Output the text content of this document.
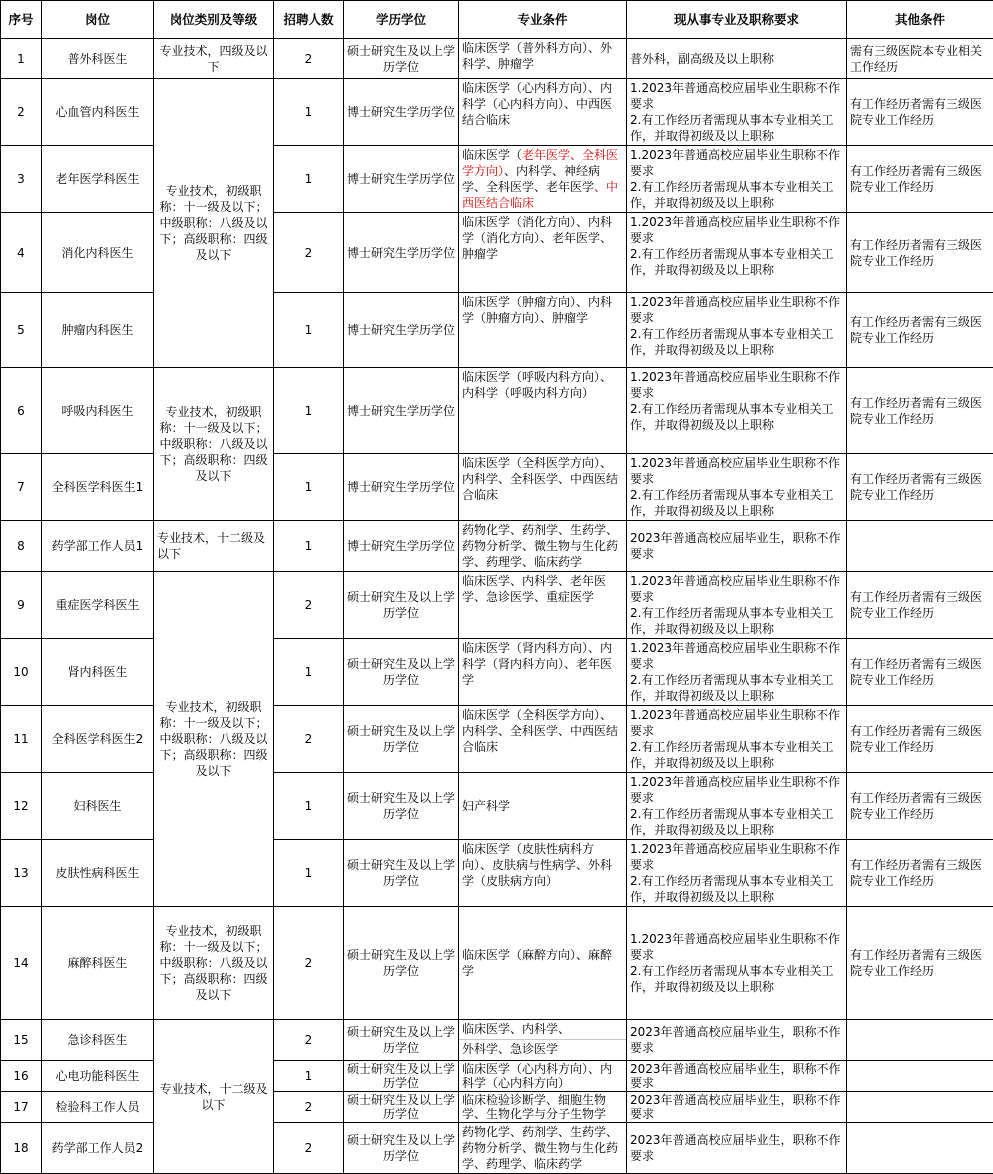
序号	岗位	岗位类别及等级	招聘人数	学历学位	专业条件	现从事专业及职称要求	其他条件
1	普外科医生	专业技术，四级及以下	2	硕士研究生及以上学历学位	临床医学（普外科方向）、外科学、肿瘤学	普外科，副高级及以上职称	需有三级医院本专业相关工作经历
2	心血管内科医生	专业技术，初级职称：十一级及以下；中级职称：八级及以下；高级职称：四级及以下	1	博士研究生学历学位	临床医学（心内科方向）、内科学（心内科方向）、中西医结合临床	1.2023年普通高校应届毕业生职称不作要求
2.有工作经历者需现从事本专业相关工作，并取得初级及以上职称	有工作经历者需有三级医院专业工作经历
3	老年医学科医生		1	博士研究生学历学位	临床医学（老年医学、全科医学方向）、内科学、神经病学、全科医学、老年医学、中西医结合临床	1.2023年普通高校应届毕业生职称不作要求
2.有工作经历者需现从事本专业相关工作，并取得初级及以上职称	有工作经历者需有三级医院专业工作经历
4	消化内科医生		2	博士研究生学历学位	临床医学（消化方向）、内科学（消化方向）、老年医学、肿瘤学	1.2023年普通高校应届毕业生职称不作要求
2.有工作经历者需现从事本专业相关工作，并取得初级及以上职称	有工作经历者需有三级医院专业工作经历
5	肿瘤内科医生		1	博士研究生学历学位	临床医学（肿瘤方向）、内科学（肿瘤方向）、肿瘤学	1.2023年普通高校应届毕业生职称不作要求
2.有工作经历者需现从事本专业相关工作，并取得初级及以上职称	有工作经历者需有三级医院专业工作经历
6	呼吸内科医生	专业技术，初级职称：十一级及以下；中级职称：八级及以下；高级职称：四级及以下	1	博士研究生学历学位	临床医学（呼吸内科方向）、内科学（呼吸内科方向）	1.2023年普通高校应届毕业生职称不作要求
2.有工作经历者需现从事本专业相关工作，并取得初级及以上职称	有工作经历者需有三级医院专业工作经历
7	全科医学科医生1		1	博士研究生学历学位	临床医学（全科医学方向）、内科学、全科医学、中西医结合临床	1.2023年普通高校应届毕业生职称不作要求
2.有工作经历者需现从事本专业相关工作，并取得初级及以上职称	有工作经历者需有三级医院专业工作经历
8	药学部工作人员1	专业技术，十二级及以下	1	博士研究生学历学位	药物化学、药剂学、生药学、药物分析学、微生物与生化药学、药理学、临床药学	2023年普通高校应届毕业生，职称不作要求	
9	重症医学科医生	专业技术，初级职称：十一级及以下；中级职称：八级及以下；高级职称：四级及以下	2	硕士研究生及以上学历学位	临床医学、内科学、老年医学、急诊医学、重症医学	1.2023年普通高校应届毕业生职称不作要求
2.有工作经历者需现从事本专业相关工作，并取得初级及以上职称	有工作经历者需有三级医院专业工作经历
10	肾内科医生		1	硕士研究生及以上学历学位	临床医学（肾内科方向）、内科学（肾内科方向）、老年医学	1.2023年普通高校应届毕业生职称不作要求
2.有工作经历者需现从事本专业相关工作，并取得初级及以上职称	有工作经历者需有三级医院专业工作经历
11	全科医学科医生2		2	硕士研究生及以上学历学位	临床医学（全科医学方向）、内科学、全科医学、中西医结合临床	1.2023年普通高校应届毕业生职称不作要求
2.有工作经历者需现从事本专业相关工作，并取得初级及以上职称	有工作经历者需有三级医院专业工作经历
12	妇科医生		1	硕士研究生及以上学历学位	妇产科学	1.2023年普通高校应届毕业生职称不作要求
2.有工作经历者需现从事本专业相关工作，并取得初级及以上职称	有工作经历者需有三级医院专业工作经历
13	皮肤性病科医生		1	硕士研究生及以上学历学位	临床医学（皮肤性病科方向）、皮肤病与性病学、外科学（皮肤病方向）	1.2023年普通高校应届毕业生职称不作要求
2.有工作经历者需现从事本专业相关工作，并取得初级及以上职称	有工作经历者需有三级医院专业工作经历
14	麻醉科医生	专业技术，初级职称：十一级及以下；中级职称：八级及以下；高级职称：四级及以下	2	硕士研究生及以上学历学位	临床医学（麻醉方向）、麻醉学	1.2023年普通高校应届毕业生职称不作要求
2.有工作经历者需现从事本专业相关工作，并取得初级及以上职称	有工作经历者需有三级医院专业工作经历
15	急诊科医生	专业技术，十二级及以下	2	硕士研究生及以上学历学位	临床医学、内科学、
外科学、急诊医学	2023年普通高校应届毕业生，职称不作要求	
16	心电功能科医生		1	硕士研究生及以上学历学位	临床医学（心内科方向）、内科学（心内科方向）	2023年普通高校应届毕业生，职称不作要求	
17	检验科工作人员		2	硕士研究生及以上学历学位	临床检验诊断学、细胞生物学、生物化学与分子生物学	2023年普通高校应届毕业生，职称不作要求	
18	药学部工作人员2		2	硕士研究生及以上学历学位	药物化学、药剂学、生药学、药物分析学、微生物与生化药学、药理学、临床药学	2023年普通高校应届毕业生，职称不作要求	
